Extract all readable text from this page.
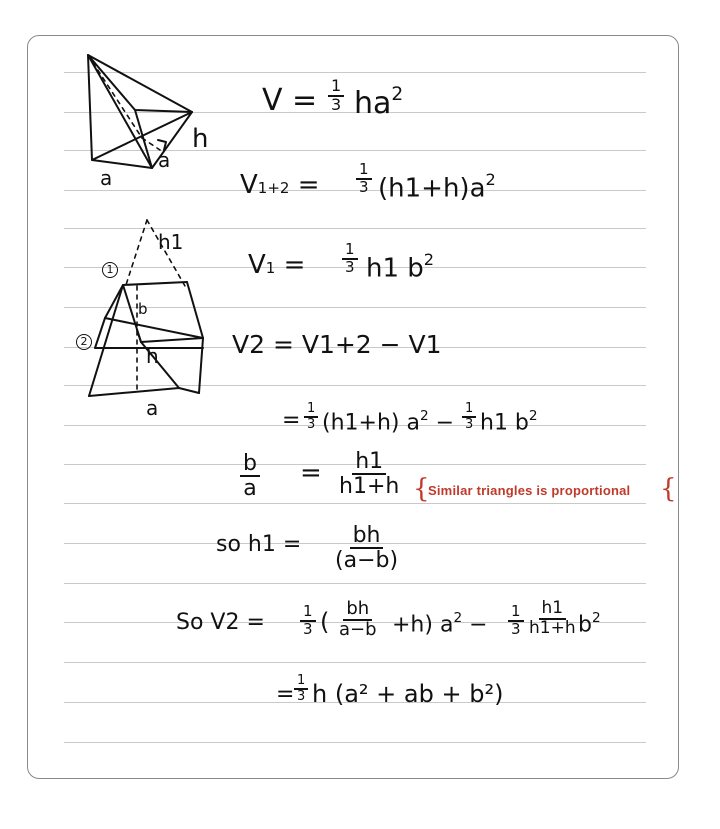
a
a
h
h1
b
h
a
1
2
$V = \frac{1}{3} ha^2$
$V1+2 = \frac{1}{3} (h1+h)a^2$
$V1 = \frac{1}{3} h1$ $b^2$
V2 = V1+2 − V1
= $\frac{1}{3} (h1+h) a^2 - \frac{1}{3} h1$ $b^2$
$\frac{b}{a} = \frac{h1}{h1+h}$ {
Similar triangles is proportional {
so $h1 = \frac{bh}{(a-b)}$
So $V2 = \frac{1}{3}$ ( $\frac{bh}{a-b} +h$) $a^2 - \frac{1}{3} \frac{h1}{h1+h} b^2$
= $\frac{1}{3}$ h (a² + ab + b²)
